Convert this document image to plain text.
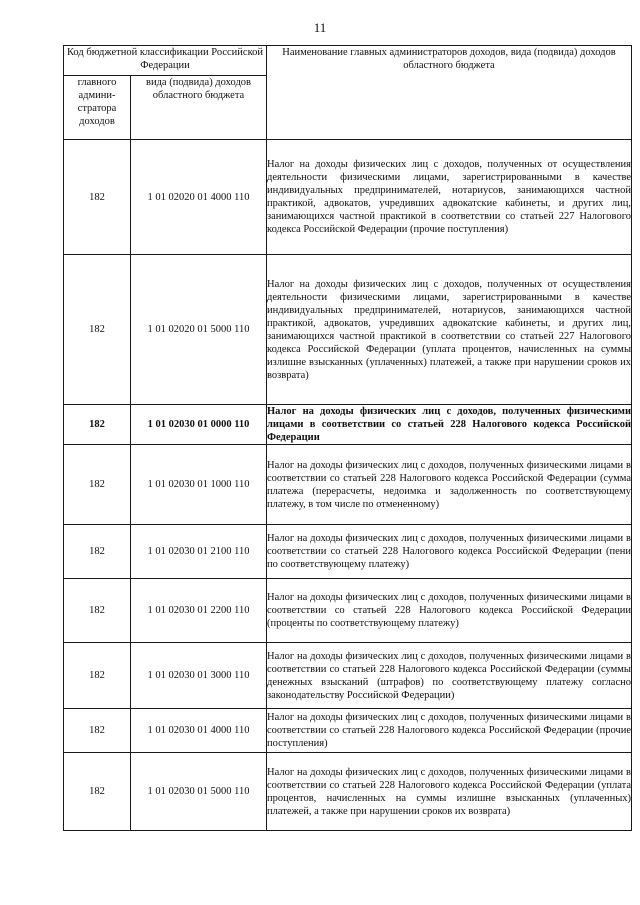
11
Код бюджетной классификации Российской Федерации		Наименование главных администраторов доходов, вида (подвида) доходов областного бюджета
главного админи-стратора доходов	вида (подвида) доходов областного бюджета	
182	1 01 02020 01 4000 110	Налог на доходы физических лиц с доходов, полученных от осуществления деятельности физическими лицами, зарегистрированными в качестве индивидуальных предпринимателей, нотариусов, занимающихся частной практикой, адвокатов, учредивших адвокатские кабинеты, и других лиц, занимающихся частной практикой в соответствии со статьей 227 Налогового кодекса Российской Федерации (прочие поступления)
182	1 01 02020 01 5000 110	Налог на доходы физических лиц с доходов, полученных от осуществления деятельности физическими лицами, зарегистрированными в качестве индивидуальных предпринимателей, нотариусов, занимающихся частной практикой, адвокатов, учредивших адвокатские кабинеты, и других лиц, занимающихся частной практикой в соответствии со статьей 227 Налогового кодекса Российской Федерации (уплата процентов, начисленных на суммы излишне взысканных (уплаченных) платежей, а также при нарушении сроков их возврата)
182	1 01 02030 01 0000 110	Налог на доходы физических лиц с доходов, полученных физическими лицами в соответствии со статьей 228 Налогового кодекса Российской Федерации
182	1 01 02030 01 1000 110	Налог на доходы физических лиц с доходов, полученных физическими лицами в соответствии со статьей 228 Налогового кодекса Российской Федерации (сумма платежа (перерасчеты, недоимка и задолженность по соответствующему платежу, в том числе по отмененному)
182	1 01 02030 01 2100 110	Налог на доходы физических лиц с доходов, полученных физическими лицами в соответствии со статьей 228 Налогового кодекса Российской Федерации (пени по соответствующему платежу)
182	1 01 02030 01 2200 110	Налог на доходы физических лиц с доходов, полученных физическими лицами в соответствии со статьей 228 Налогового кодекса Российской Федерации (проценты по соответствующему платежу)
182	1 01 02030 01 3000 110	Налог на доходы физических лиц с доходов, полученных физическими лицами в соответствии со статьей 228 Налогового кодекса Российской Федерации (суммы денежных взысканий (штрафов) по соответствующему платежу согласно законодательству Российской Федерации)
182	1 01 02030 01 4000 110	Налог на доходы физических лиц с доходов, полученных физическими лицами в соответствии со статьей 228 Налогового кодекса Российской Федерации (прочие поступления)
182	1 01 02030 01 5000 110	Налог на доходы физических лиц с доходов, полученных физическими лицами в соответствии со статьей 228 Налогового кодекса Российской Федерации (уплата процентов, начисленных на суммы излишне взысканных (уплаченных) платежей, а также при нарушении сроков их возврата)
